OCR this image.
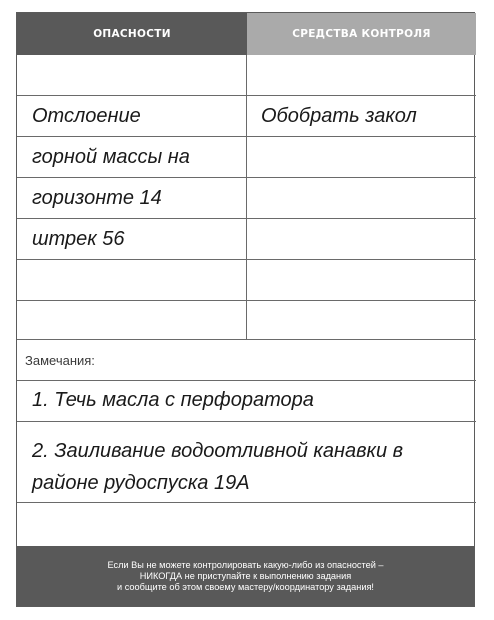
ОПАСНОСТИ	СРЕДСТВА КОНТРОЛЯ
Отслоение	Обобрать закол
горной массы на
горизонте 14
штрек 56
Замечания:
1. Течь масла с перфоратора
2. Заиливание водоотливной канавки в
районе рудоспуска 19А
Если Вы не можете контролировать какую-либо из опасностей –
НИКОГДА не приступайте к выполнению задания
и сообщите об этом своему мастеру/координатору задания!
